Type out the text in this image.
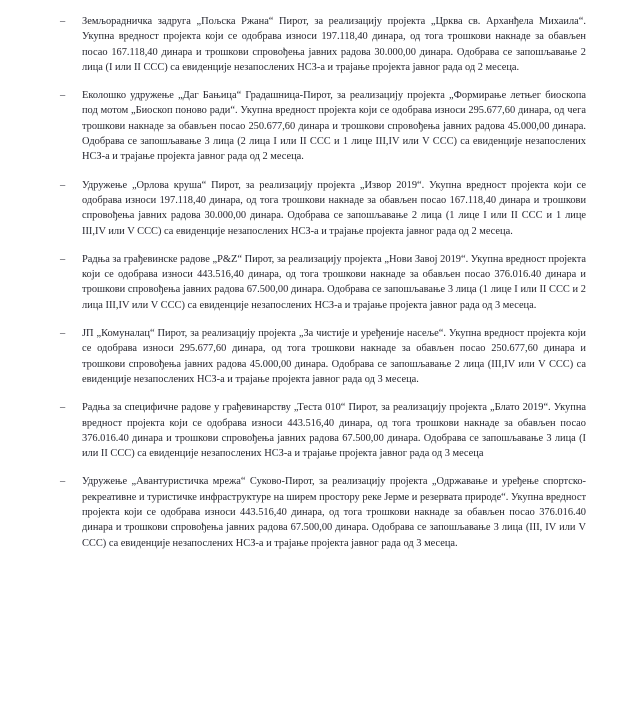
– Земљорадничка задруга „Пољска Ржана“ Пирот, за реализацију пројекта „Црква св. Арханђела Михаила“. Укупна вредност пројекта који се одобрава износи 197.118,40 динара, од тога трошкови накнаде за обављен посао 167.118,40 динара и трошкови спровођења јавних радова 30.000,00 динара. Одобрава се запошљавање 2 лица (I или II ССС) са евиденције незапослених НСЗ-а и трајање пројекта јавног рада од 2 месеца.
– Еколошко удружење „Даг Бањица“ Градашница-Пирот, за реализацију пројекта „Формирање летњег биоскопа под мотом „Биоскоп поново ради“. Укупна вредност пројекта који се одобрава износи 295.677,60 динара, од чега трошкови накнаде за обављен посао 250.677,60 динара и трошкови спровођења јавних радова 45.000,00 динара. Одобрава се запошљавање 3 лица (2 лица I или II ССС и 1 лице III,IV или V ССС) са евиденције незапослених НСЗ-а и трајање пројекта јавног рада од 2 месеца.
– Удружење „Орлова круша“ Пирот, за реализацију пројекта „Извор 2019“. Укупна вредност пројекта који се одобрава износи 197.118,40 динара, од тога трошкови накнаде за обављен посао 167.118,40 динара и трошкови спровођења јавних радова 30.000,00 динара. Одобрава се запошљавање 2 лица (1 лице I или II ССС и 1 лице III,IV или V ССС) са евиденције незапослених НСЗ-а и трајање пројекта јавног рада од 2 месеца.
– Радња за грађевинске радове „Р&Z“ Пирот, за реализацију пројекта „Нови Завој 2019“. Укупна вредност пројекта који се одобрава износи 443.516,40 динара, од тога трошкови накнаде за обављен посао 376.016.40 динара и трошкови спровођења јавних радова 67.500,00 динара. Одобрава се запошљавање 3 лица (1 лице I или II ССС и 2 лица III,IV или V ССС) са евиденције незапослених НСЗ-а и трајање пројекта јавног рада од 3 месеца.
– ЈП „Комуналац“ Пирот, за реализацију пројекта „За чистије и уређеније насеље“. Укупна вредност пројекта који се одобрава износи 295.677,60 динара, од тога трошкови накнаде за обављен посао 250.677,60 динара и трошкови спровођења јавних радова 45.000,00 динара. Одобрава се запошљавање 2 лица (III,IV или V ССС) са евиденције незапослених НСЗ-а и трајање пројекта јавног рада од 3 месеца.
– Радња за специфичне радове у грађевинарству „Теста 010“ Пирот, за реализацију пројекта „Блато 2019“. Укупна вредност пројекта који се одобрава износи 443.516,40 динара, од тога трошкови накнаде за обављен посао 376.016.40 динара и трошкови спровођења јавних радова 67.500,00 динара. Одобрава се запошљавање 3 лица (I или II ССС) са евиденције незапослених НСЗ-а и трајање пројекта јавног рада од 3 месеца
– Удружење „Авантуристичка мрежа“ Суково-Пирот, за реализацију пројекта „Одржавање и уређење спортско-рекреативне и туристичке инфраструктуре на ширем простору реке Јерме и резервата природе“. Укупна вредност пројекта који се одобрава износи 443.516,40 динара, од тога трошкови накнаде за обављен посао 376.016.40 динара и трошкови спровођења јавних радова 67.500,00 динара. Одобрава се запошљавање 3 лица (III, IV или V ССС) са евиденције незапослених НСЗ-а и трајање пројекта јавног рада од 3 месеца.
